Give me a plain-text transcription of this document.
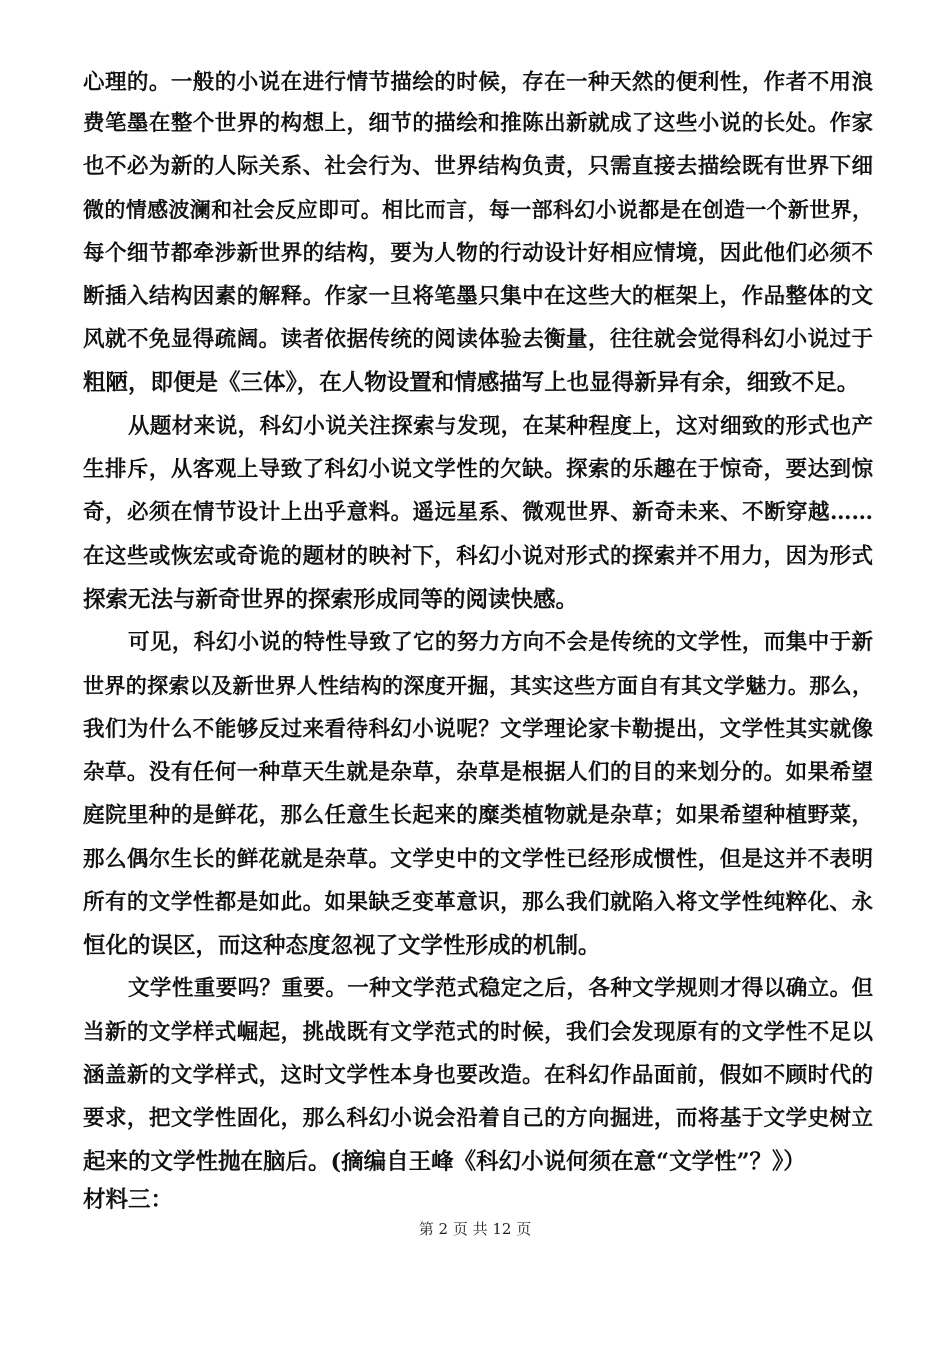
心理的。一般的小说在进行情节描绘的时候，存在一种天然的便利性，作者不用浪
费笔墨在整个世界的构想上，细节的描绘和推陈出新就成了这些小说的长处。作家
也不必为新的人际关系、社会行为、世界结构负责，只需直接去描绘既有世界下细
微的情感波澜和社会反应即可。相比而言，每一部科幻小说都是在创造一个新世界，
每个细节都牵涉新世界的结构，要为人物的行动设计好相应情境，因此他们必须不
断插入结构因素的解释。作家一旦将笔墨只集中在这些大的框架上，作品整体的文
风就不免显得疏阔。读者依据传统的阅读体验去衡量，往往就会觉得科幻小说过于
粗陋，即便是《三体》，在人物设置和情感描写上也显得新异有余，细致不足。
从题材来说，科幻小说关注探索与发现，在某种程度上，这对细致的形式也产
生排斥，从客观上导致了科幻小说文学性的欠缺。探索的乐趣在于惊奇，要达到惊
奇，必须在情节设计上出乎意料。遥远星系、微观世界、新奇未来、不断穿越……
在这些或恢宏或奇诡的题材的映衬下，科幻小说对形式的探索并不用力，因为形式
探索无法与新奇世界的探索形成同等的阅读快感。
可见，科幻小说的特性导致了它的努力方向不会是传统的文学性，而集中于新
世界的探索以及新世界人性结构的深度开掘，其实这些方面自有其文学魅力。那么，
我们为什么不能够反过来看待科幻小说呢？文学理论家卡勒提出，文学性其实就像
杂草。没有任何一种草天生就是杂草，杂草是根据人们的目的来划分的。如果希望
庭院里种的是鲜花，那么任意生长起来的糜类植物就是杂草；如果希望种植野菜，
那么偶尔生长的鲜花就是杂草。文学史中的文学性已经形成惯性，但是这并不表明
所有的文学性都是如此。如果缺乏变革意识，那么我们就陷入将文学性纯粹化、永
恒化的误区，而这种态度忽视了文学性形成的机制。
文学性重要吗？重要。一种文学范式稳定之后，各种文学规则才得以确立。但
当新的文学样式崛起，挑战既有文学范式的时候，我们会发现原有的文学性不足以
涵盖新的文学样式，这时文学性本身也要改造。在科幻作品面前，假如不顾时代的
要求，把文学性固化，那么科幻小说会沿着自己的方向掘进，而将基于文学史树立
起来的文学性抛在脑后。(摘编自王峰《科幻小说何须在意“文学性”？》）
材料三：
第 2 页 共 12 页
